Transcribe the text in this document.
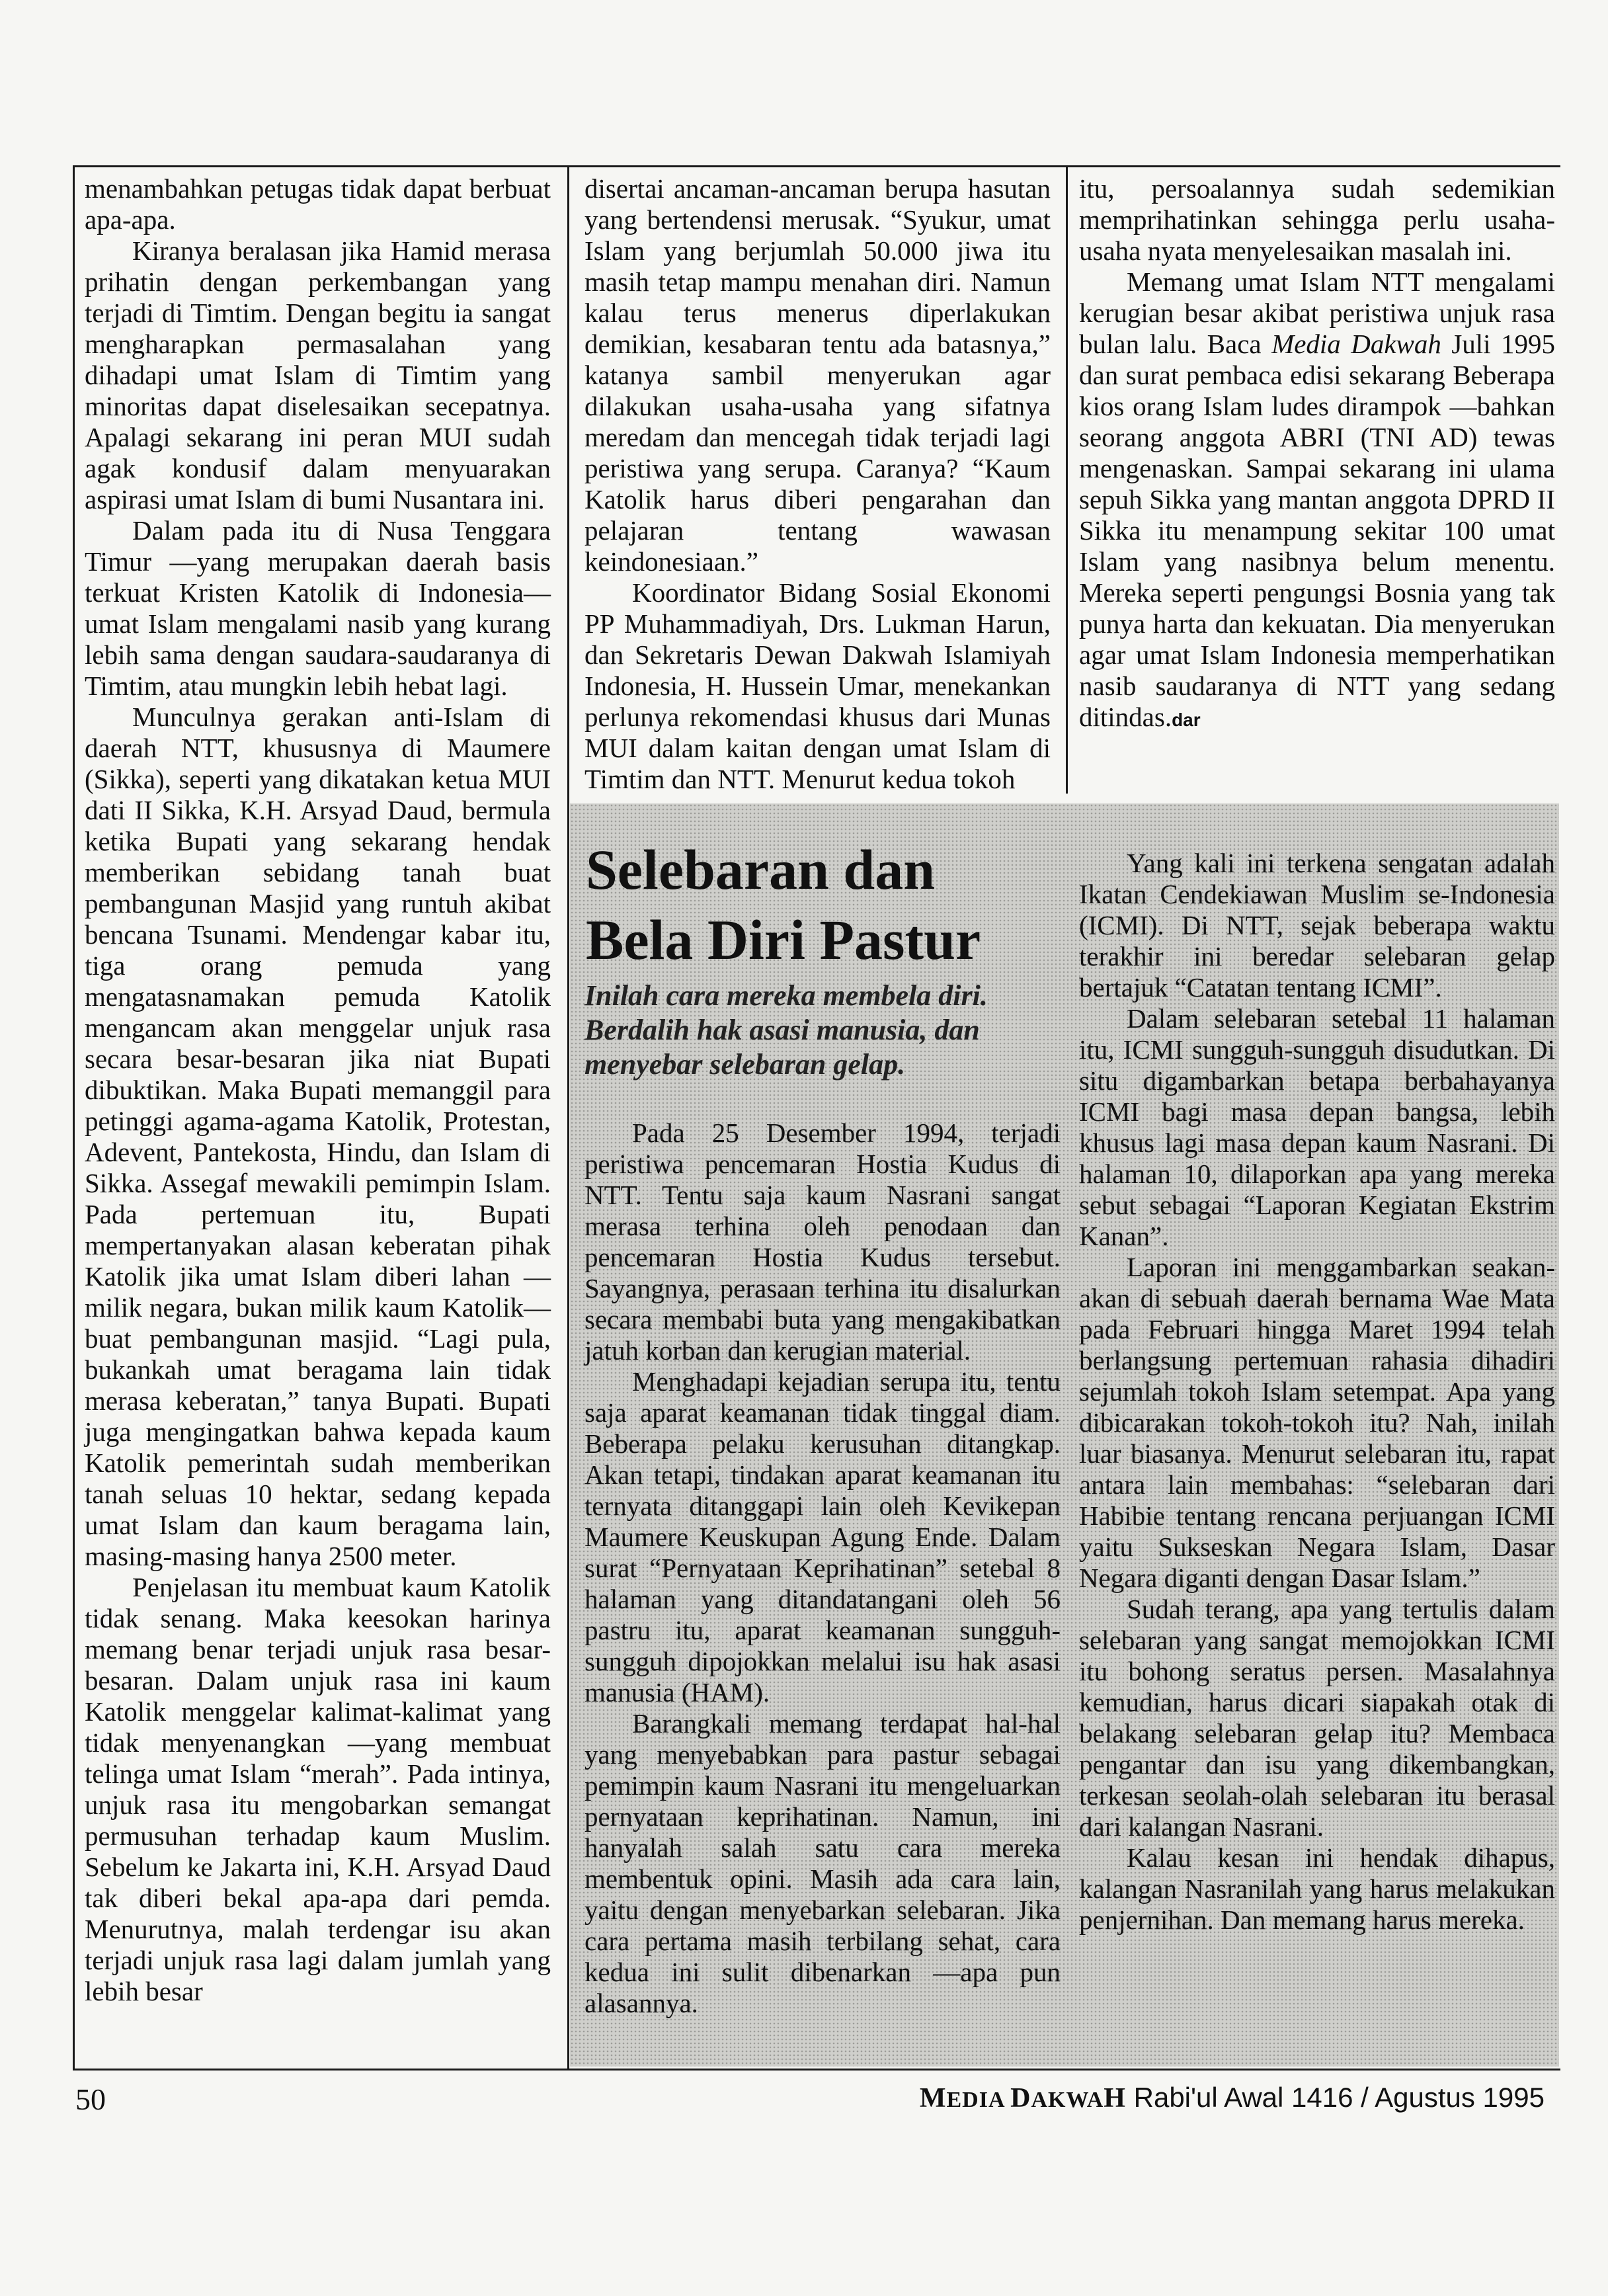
menambahkan petugas tidak dapat berbuat apa-apa.

Kiranya beralasan jika Hamid merasa prihatin dengan perkembangan yang terjadi di Timtim. Dengan begitu ia sangat mengharapkan permasalahan yang dihadapi umat Islam di Timtim yang minoritas dapat diselesaikan secepatnya. Apalagi sekarang ini peran MUI sudah agak kondusif dalam menyuarakan aspirasi umat Islam di bumi Nusantara ini.

Dalam pada itu di Nusa Tenggara Timur —yang merupakan daerah basis terkuat Kristen Katolik di Indonesia— umat Islam mengalami nasib yang kurang lebih sama dengan saudara-saudaranya di Timtim, atau mungkin lebih hebat lagi.

Munculnya gerakan anti-Islam di daerah NTT, khususnya di Maumere (Sikka), seperti yang dikatakan ketua MUI dati II Sikka, K.H. Arsyad Daud, bermula ketika Bupati yang sekarang hendak memberikan sebidang tanah buat pembangunan Masjid yang runtuh akibat bencana Tsunami. Mendengar kabar itu, tiga orang pemuda yang mengatasnamakan pemuda Katolik mengancam akan menggelar unjuk rasa secara besar-besaran jika niat Bupati dibuktikan. Maka Bupati memanggil para petinggi agama-agama Katolik, Protestan, Adevent, Pantekosta, Hindu, dan Islam di Sikka. Assegaf mewakili pemimpin Islam. Pada pertemuan itu, Bupati mempertanyakan alasan keberatan pihak Katolik jika umat Islam diberi lahan —milik negara, bukan milik kaum Katolik— buat pembangunan masjid. “Lagi pula, bukankah umat beragama lain tidak merasa keberatan,” tanya Bupati. Bupati juga mengingatkan bahwa kepada kaum Katolik pemerintah sudah memberikan tanah seluas 10 hektar, sedang kepada umat Islam dan kaum beragama lain, masing-masing hanya 2500 meter.

Penjelasan itu membuat kaum Katolik tidak senang. Maka keesokan harinya memang benar terjadi unjuk rasa besar-besaran. Dalam unjuk rasa ini kaum Katolik menggelar kalimat-kalimat yang tidak menyenangkan —yang membuat telinga umat Islam “merah”. Pada intinya, unjuk rasa itu mengobarkan semangat permusuhan terhadap kaum Muslim. Sebelum ke Jakarta ini, K.H. Arsyad Daud tak diberi bekal apa-apa dari pemda. Menurutnya, malah terdengar isu akan terjadi unjuk rasa lagi dalam jumlah yang lebih besar

disertai ancaman-ancaman berupa hasutan yang bertendensi merusak. “Syukur, umat Islam yang berjumlah 50.000 jiwa itu masih tetap mampu menahan diri. Namun kalau terus menerus diperlakukan demikian, kesabaran tentu ada batasnya,” katanya sambil menyerukan agar dilakukan usaha-usaha yang sifatnya meredam dan mencegah tidak terjadi lagi peristiwa yang serupa. Caranya? “Kaum Katolik harus diberi pengarahan dan pelajaran tentang wawasan keindonesiaan.”

Koordinator Bidang Sosial Ekonomi PP Muhammadiyah, Drs. Lukman Harun, dan Sekretaris Dewan Dakwah Islamiyah Indonesia, H. Hussein Umar, menekankan perlunya rekomendasi khusus dari Munas MUI dalam kaitan dengan umat Islam di Timtim dan NTT. Menurut kedua tokoh

itu, persoalannya sudah sedemikian memprihatinkan sehingga perlu usaha-usaha nyata menyelesaikan masalah ini.

Memang umat Islam NTT mengalami kerugian besar akibat peristiwa unjuk rasa bulan lalu. Baca Media Dakwah Juli 1995 dan surat pembaca edisi sekarang Beberapa kios orang Islam ludes dirampok —bahkan seorang anggota ABRI (TNI AD) tewas mengenaskan. Sampai sekarang ini ulama sepuh Sikka yang mantan anggota DPRD II Sikka itu menampung sekitar 100 umat Islam yang nasibnya belum menentu. Mereka seperti pengungsi Bosnia yang tak punya harta dan kekuatan. Dia menyerukan agar umat Islam Indonesia memperhatikan nasib saudaranya di NTT yang sedang ditindas.dar

Selebaran dan
Bela Diri Pastur
Inilah cara mereka membela diri.
Berdalih hak asasi manusia, dan
menyebar selebaran gelap.

Pada 25 Desember 1994, terjadi peristiwa pencemaran Hostia Kudus di NTT. Tentu saja kaum Nasrani sangat merasa terhina oleh penodaan dan pencemaran Hostia Kudus tersebut. Sayangnya, perasaan terhina itu disalurkan secara membabi buta yang mengakibatkan jatuh korban dan kerugian material.

Menghadapi kejadian serupa itu, tentu saja aparat keamanan tidak tinggal diam. Beberapa pelaku kerusuhan ditangkap. Akan tetapi, tindakan aparat keamanan itu ternyata ditanggapi lain oleh Kevikepan Maumere Keuskupan Agung Ende. Dalam surat “Pernyataan Keprihatinan” setebal 8 halaman yang ditandatangani oleh 56 pastru itu, aparat keamanan sungguh-sungguh dipojokkan melalui isu hak asasi manusia (HAM).

Barangkali memang terdapat hal-hal yang menyebabkan para pastur sebagai pemimpin kaum Nasrani itu mengeluarkan pernyataan keprihatinan. Namun, ini hanyalah salah satu cara mereka membentuk opini. Masih ada cara lain, yaitu dengan menyebarkan selebaran. Jika cara pertama masih terbilang sehat, cara kedua ini sulit dibenarkan —apa pun alasannya.

Yang kali ini terkena sengatan adalah Ikatan Cendekiawan Muslim se-Indonesia (ICMI). Di NTT, sejak beberapa waktu terakhir ini beredar selebaran gelap bertajuk “Catatan tentang ICMI”.

Dalam selebaran setebal 11 halaman itu, ICMI sungguh-sungguh disudutkan. Di situ digambarkan betapa berbahayanya ICMI bagi masa depan bangsa, lebih khusus lagi masa depan kaum Nasrani. Di halaman 10, dilaporkan apa yang mereka sebut sebagai “Laporan Kegiatan Ekstrim Kanan”.

Laporan ini menggambarkan seakan-akan di sebuah daerah bernama Wae Mata pada Februari hingga Maret 1994 telah berlangsung pertemuan rahasia dihadiri sejumlah tokoh Islam setempat. Apa yang dibicarakan tokoh-tokoh itu? Nah, inilah luar biasanya. Menurut selebaran itu, rapat antara lain membahas: “selebaran dari Habibie tentang rencana perjuangan ICMI yaitu Sukseskan Negara Islam, Dasar Negara diganti dengan Dasar Islam.”

Sudah terang, apa yang tertulis dalam selebaran yang sangat memojokkan ICMI itu bohong seratus persen. Masalahnya kemudian, harus dicari siapakah otak di belakang selebaran gelap itu? Membaca pengantar dan isu yang dikembangkan, terkesan seolah-olah selebaran itu berasal dari kalangan Nasrani.

Kalau kesan ini hendak dihapus, kalangan Nasranilah yang harus melakukan penjernihan. Dan memang harus mereka.

50	MEDIA DAKWAH Rabi'ul Awal 1416 / Agustus 1995
